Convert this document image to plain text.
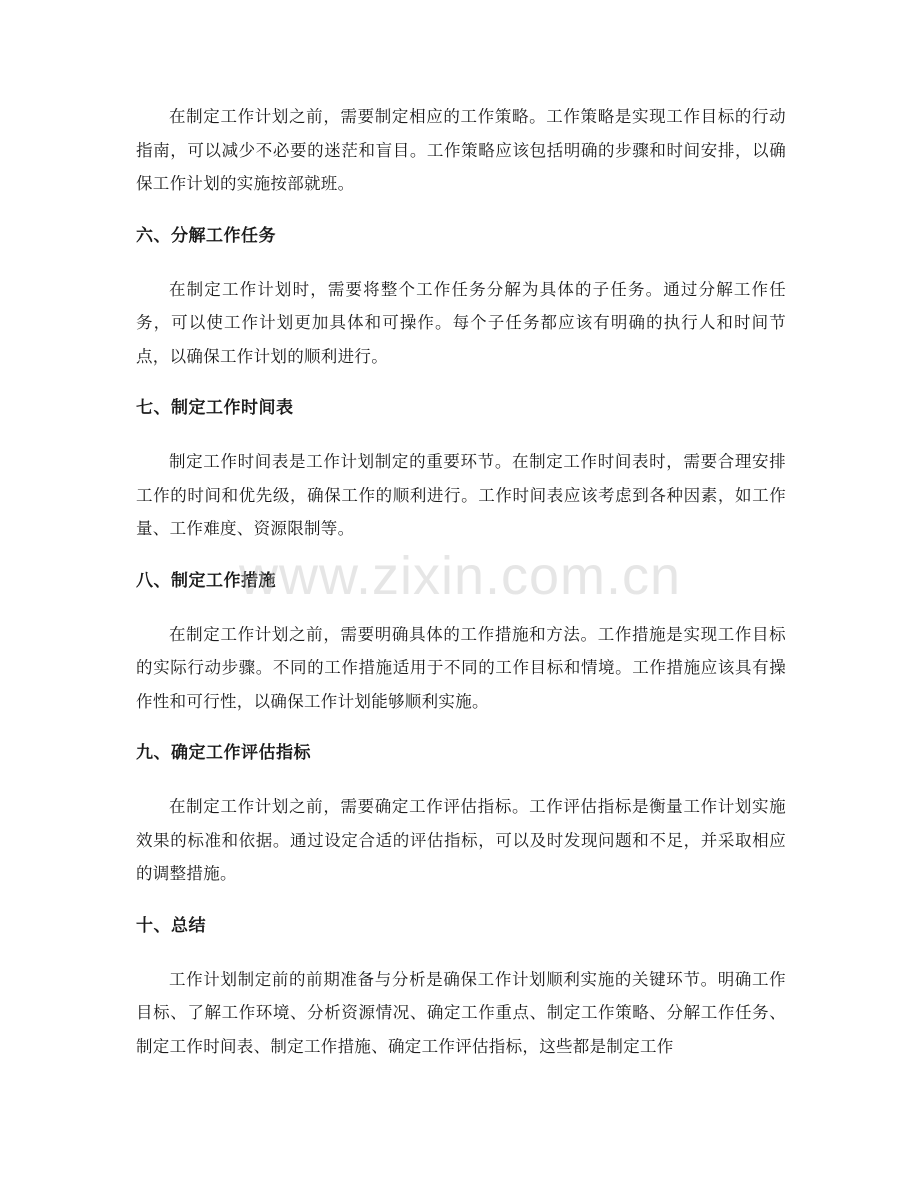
在制定工作计划之前，需要制定相应的工作策略。工作策略是实现工作目标的行动指南，可以减少不必要的迷茫和盲目。工作策略应该包括明确的步骤和时间安排，以确保工作计划的实施按部就班。

六、分解工作任务

在制定工作计划时，需要将整个工作任务分解为具体的子任务。通过分解工作任务，可以使工作计划更加具体和可操作。每个子任务都应该有明确的执行人和时间节点，以确保工作计划的顺利进行。

七、制定工作时间表

制定工作时间表是工作计划制定的重要环节。在制定工作时间表时，需要合理安排工作的时间和优先级，确保工作的顺利进行。工作时间表应该考虑到各种因素，如工作量、工作难度、资源限制等。

八、制定工作措施

在制定工作计划之前，需要明确具体的工作措施和方法。工作措施是实现工作目标的实际行动步骤。不同的工作措施适用于不同的工作目标和情境。工作措施应该具有操作性和可行性，以确保工作计划能够顺利实施。

九、确定工作评估指标

在制定工作计划之前，需要确定工作评估指标。工作评估指标是衡量工作计划实施效果的标准和依据。通过设定合适的评估指标，可以及时发现问题和不足，并采取相应的调整措施。

十、总结

工作计划制定前的前期准备与分析是确保工作计划顺利实施的关键环节。明确工作目标、了解工作环境、分析资源情况、确定工作重点、制定工作策略、分解工作任务、制定工作时间表、制定工作措施、确定工作评估指标，这些都是制定工作

www.zixin.com.cn
